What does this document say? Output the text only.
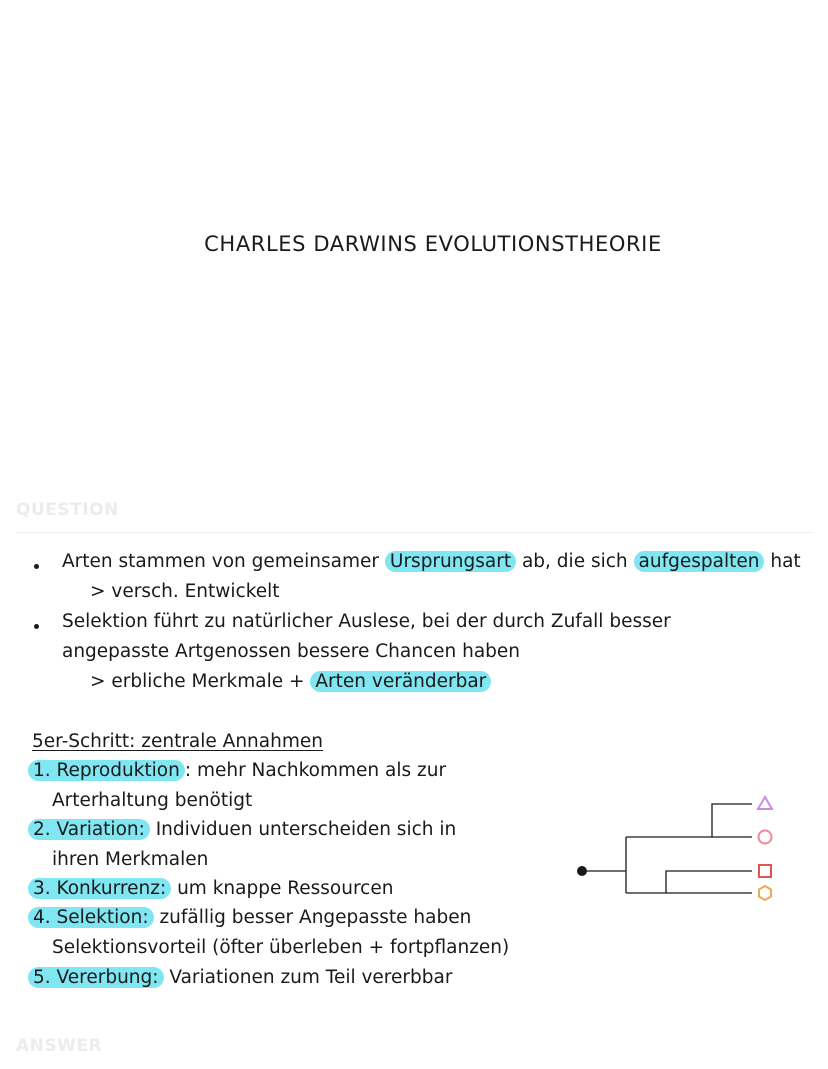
CHARLES DARWINS EVOLUTIONSTHEORIE
QUESTION
Arten stammen von gemeinsamer Ursprungsart ab, die sich aufgespalten hat
> versch. Entwickelt
Selektion führt zu natürlicher Auslese, bei der durch Zufall besser
angepasste Artgenossen bessere Chancen haben
> erbliche Merkmale + Arten veränderbar
5er-Schritt: zentrale Annahmen
1. Reproduktion : mehr Nachkommen als zur
Arterhaltung benötigt
2. Variation: Individuen unterscheiden sich in
ihren Merkmalen
3. Konkurrenz: um knappe Ressourcen
4. Selektion: zufällig besser Angepasste haben
Selektionsvorteil (öfter überleben + fortpflanzen)
5. Vererbung: Variationen zum Teil vererbbar
ANSWER
